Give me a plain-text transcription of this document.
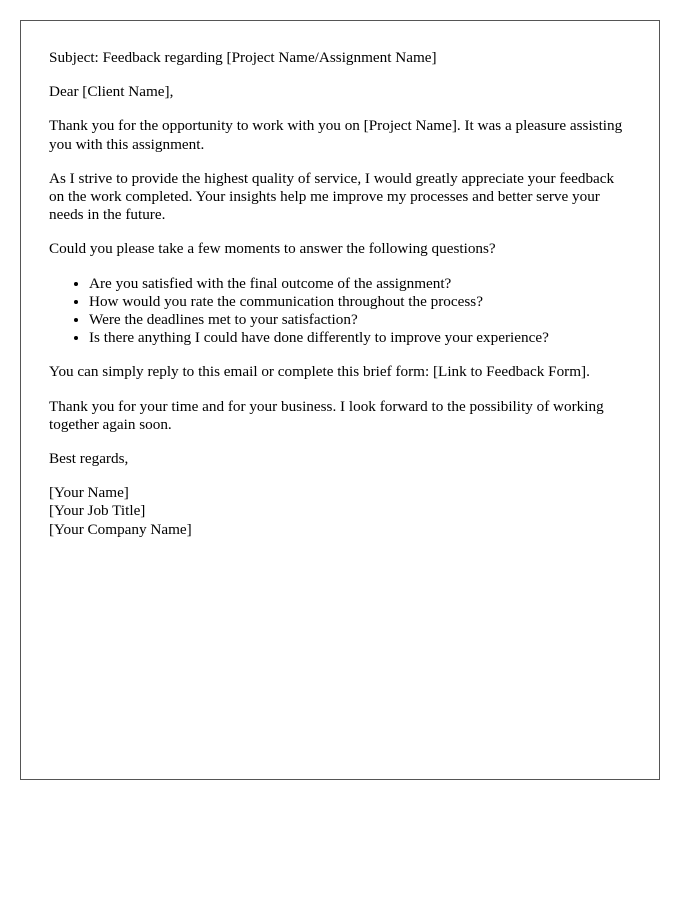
Subject: Feedback regarding [Project Name/Assignment Name]

Dear [Client Name],

Thank you for the opportunity to work with you on [Project Name]. It was a pleasure assisting you with this assignment.

As I strive to provide the highest quality of service, I would greatly appreciate your feedback on the work completed. Your insights help me improve my processes and better serve your needs in the future.

Could you please take a few moments to answer the following questions?

• Are you satisfied with the final outcome of the assignment?
• How would you rate the communication throughout the process?
• Were the deadlines met to your satisfaction?
• Is there anything I could have done differently to improve your experience?

You can simply reply to this email or complete this brief form: [Link to Feedback Form].

Thank you for your time and for your business. I look forward to the possibility of working together again soon.

Best regards,

[Your Name]
[Your Job Title]
[Your Company Name]
